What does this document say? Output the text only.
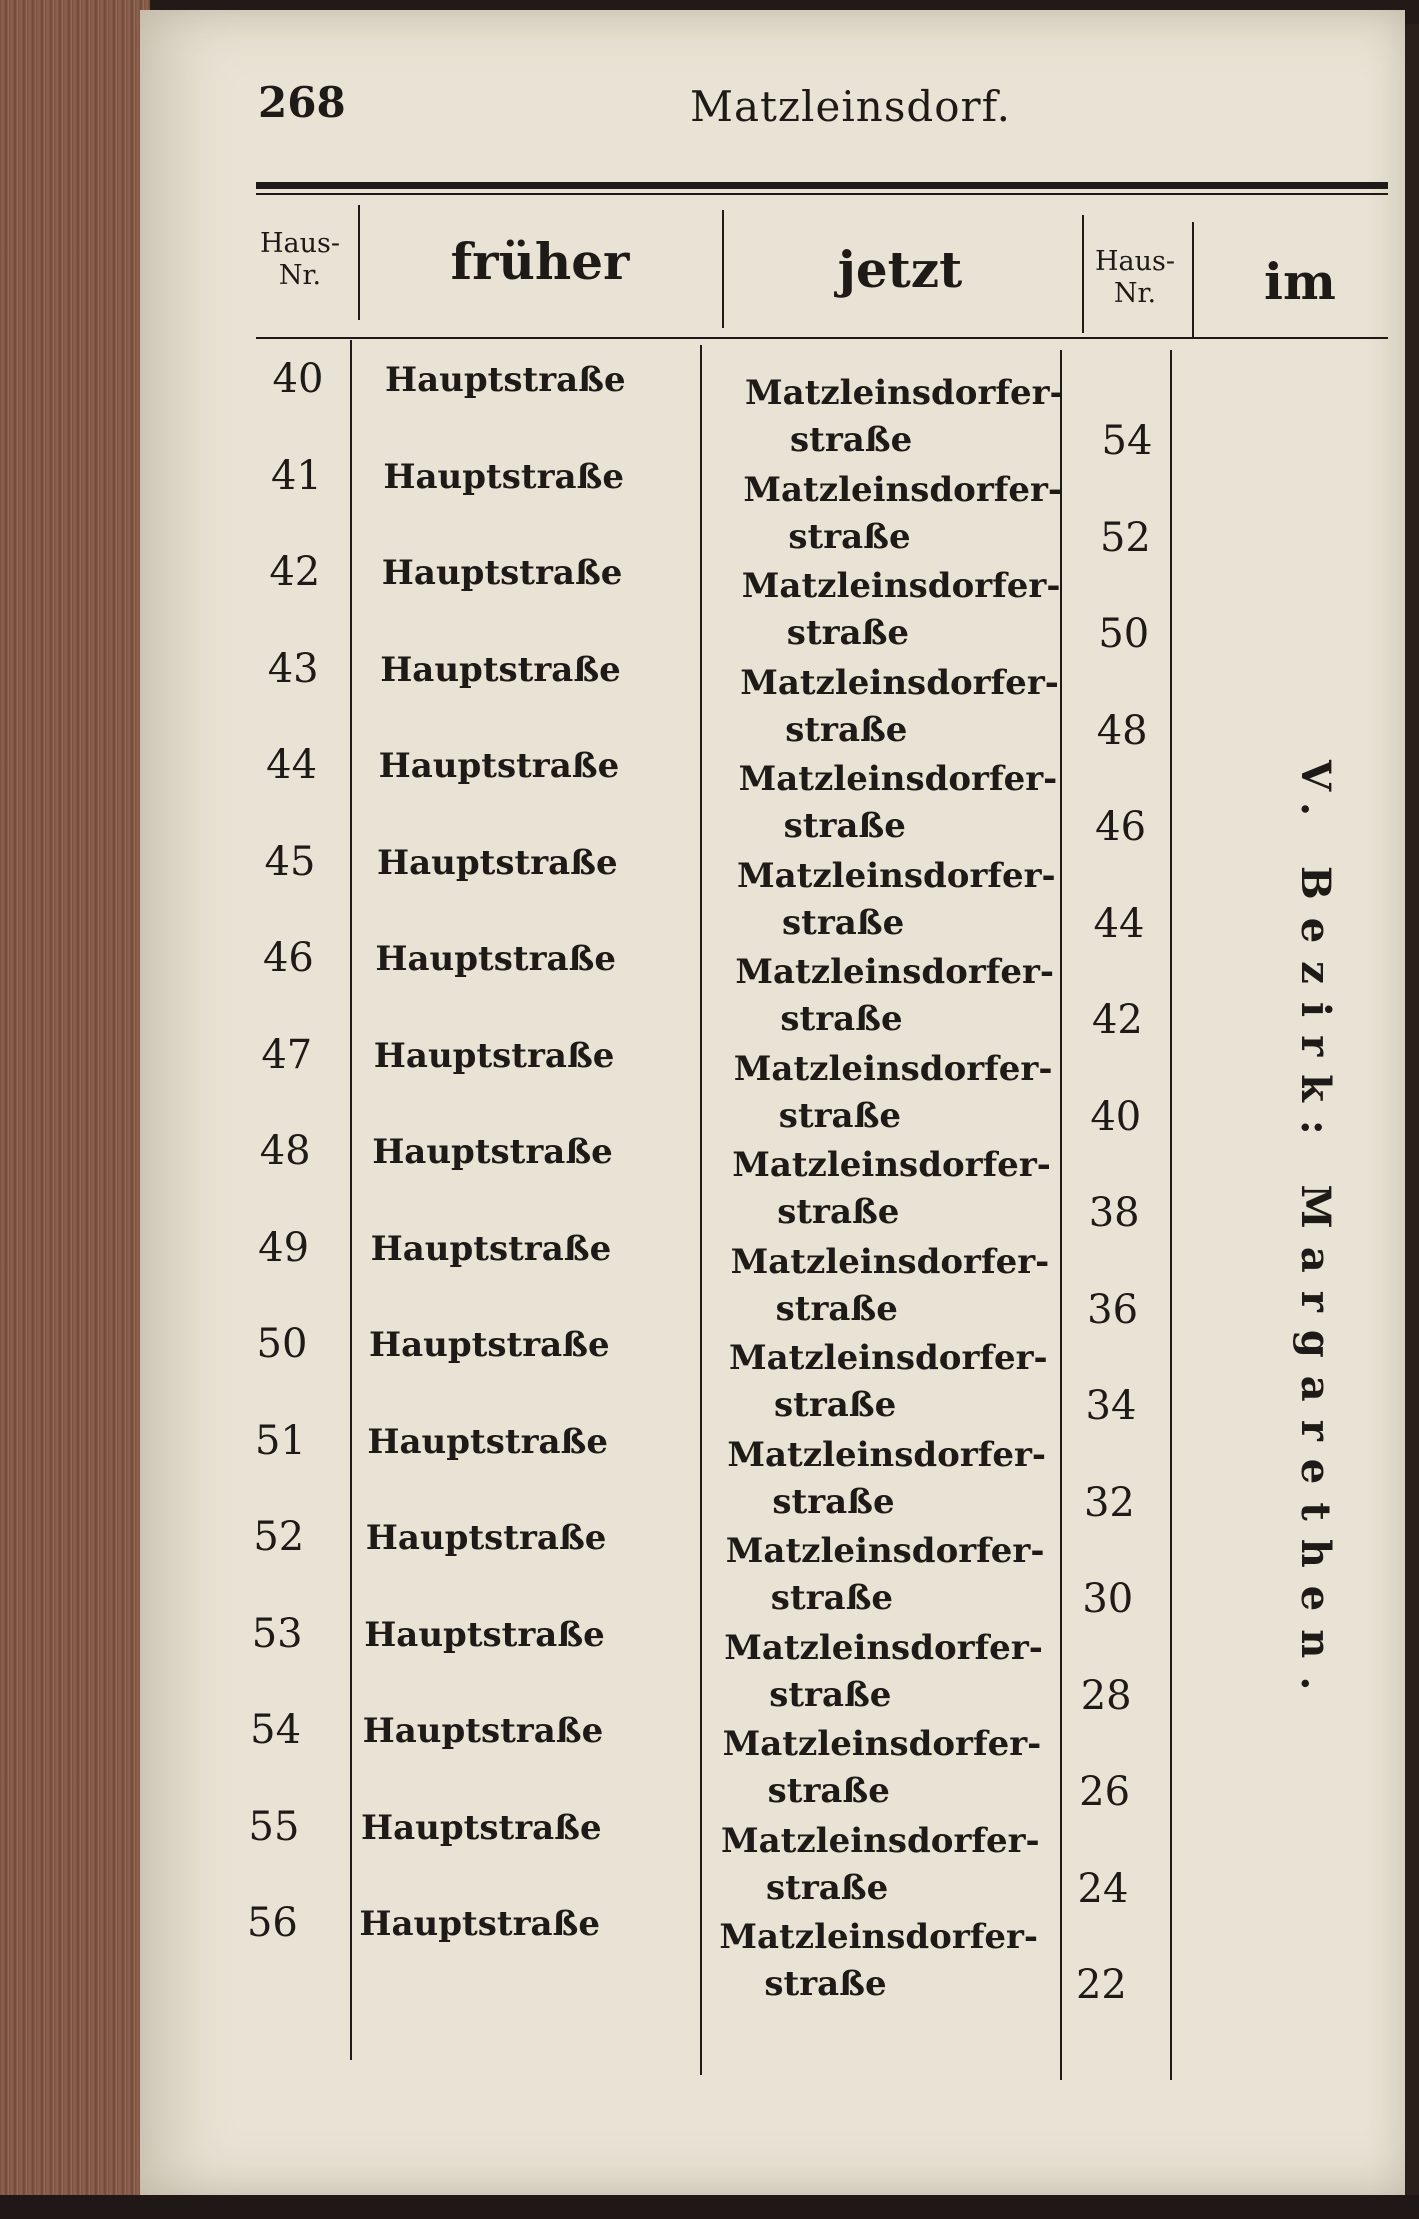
268	Matzleinsdorf.
Haus-
Nr.	früher	jetzt	Haus-
Nr.	im
40 Hauptstraße	Matzleinsdorfer-
straße	54
41 Hauptstraße	Matzleinsdorfer-
straße	52
42 Hauptstraße	Matzleinsdorfer-
straße	50
43 Hauptstraße	Matzleinsdorfer-
straße	48
44 Hauptstraße	Matzleinsdorfer-
straße	46
45 Hauptstraße	Matzleinsdorfer-
straße	44
46 Hauptstraße	Matzleinsdorfer-
straße	42
47 Hauptstraße	Matzleinsdorfer-
straße	40
48 Hauptstraße	Matzleinsdorfer-
straße	38
49 Hauptstraße	Matzleinsdorfer-
straße	36
50 Hauptstraße	Matzleinsdorfer-
straße	34
51 Hauptstraße	Matzleinsdorfer-
straße	32
52 Hauptstraße	Matzleinsdorfer-
straße	30
53 Hauptstraße	Matzleinsdorfer-
straße	28
54 Hauptstraße	Matzleinsdorfer-
straße	26
55 Hauptstraße	Matzleinsdorfer-
straße	24
56 Hauptstraße	Matzleinsdorfer-
straße	22
V. Bezirk: Margarethen.
